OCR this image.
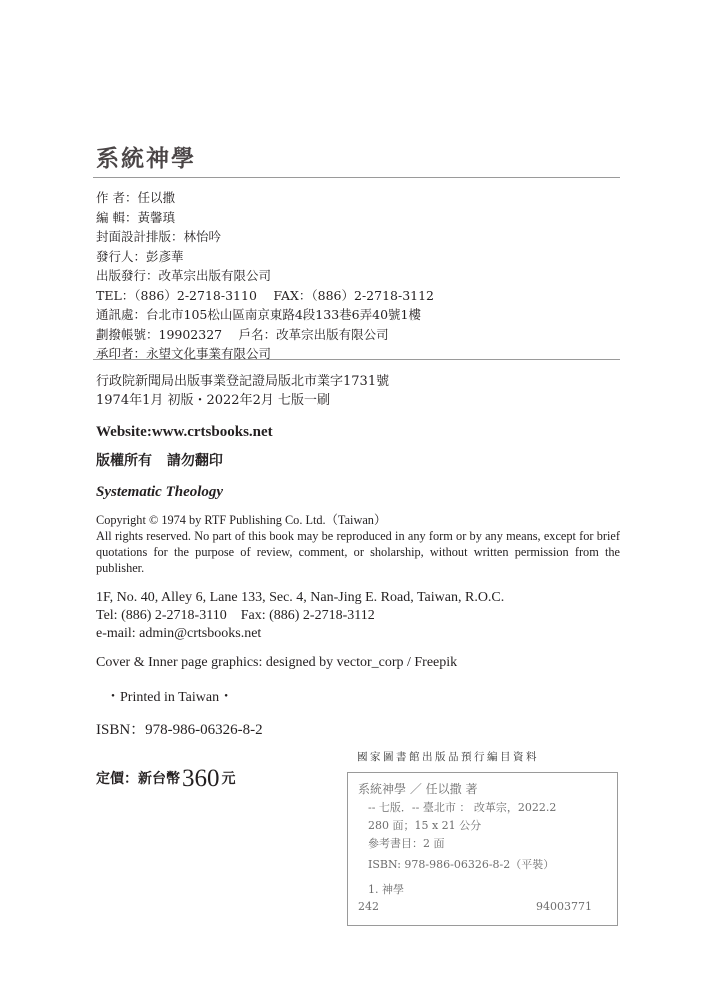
系統神學
作 者：任以撒
編 輯：黃馨瑱
封面設計排版：林怡吟
發行人：彭彥華
出版發行：改革宗出版有限公司
TEL：（886）2-2718-3110　 FAX：（886）2-2718-3112
通訊處：台北市105松山區南京東路4段133巷6弄40號1樓
劃撥帳號：19902327　 戶名：改革宗出版有限公司
承印者：永望文化事業有限公司
行政院新聞局出版事業登記證局版北市業字1731號
1974年1月 初版・2022年2月 七版一刷
Website:www.crtsbooks.net
版權所有 請勿翻印
Systematic Theology
Copyright © 1974 by RTF Publishing Co. Ltd.（Taiwan）
All rights reserved. No part of this book may be reproduced in any form or by any means, except for brief quotations for the purpose of review, comment, or sholarship, without written permission from the publisher.
1F, No. 40, Alley 6, Lane 133, Sec. 4, Nan-Jing E. Road, Taiwan, R.O.C.
Tel: (886) 2-2718-3110　Fax: (886) 2-2718-3112
e-mail: admin@crtsbooks.net
Cover & Inner page graphics: designed by vector_corp / Freepik
・Printed in Taiwan・
ISBN：978-986-06326-8-2
定價：新台幣360 元
國家圖書館出版品預行編目資料
系統神學 ／ 任以撒 著
-- 七版．-- 臺北市 ： 改革宗，2022.2
280 面；15 x 21 公分
參考書目：2 面
ISBN: 978-986-06326-8-2（平裝）
1. 神學
242	94003771
